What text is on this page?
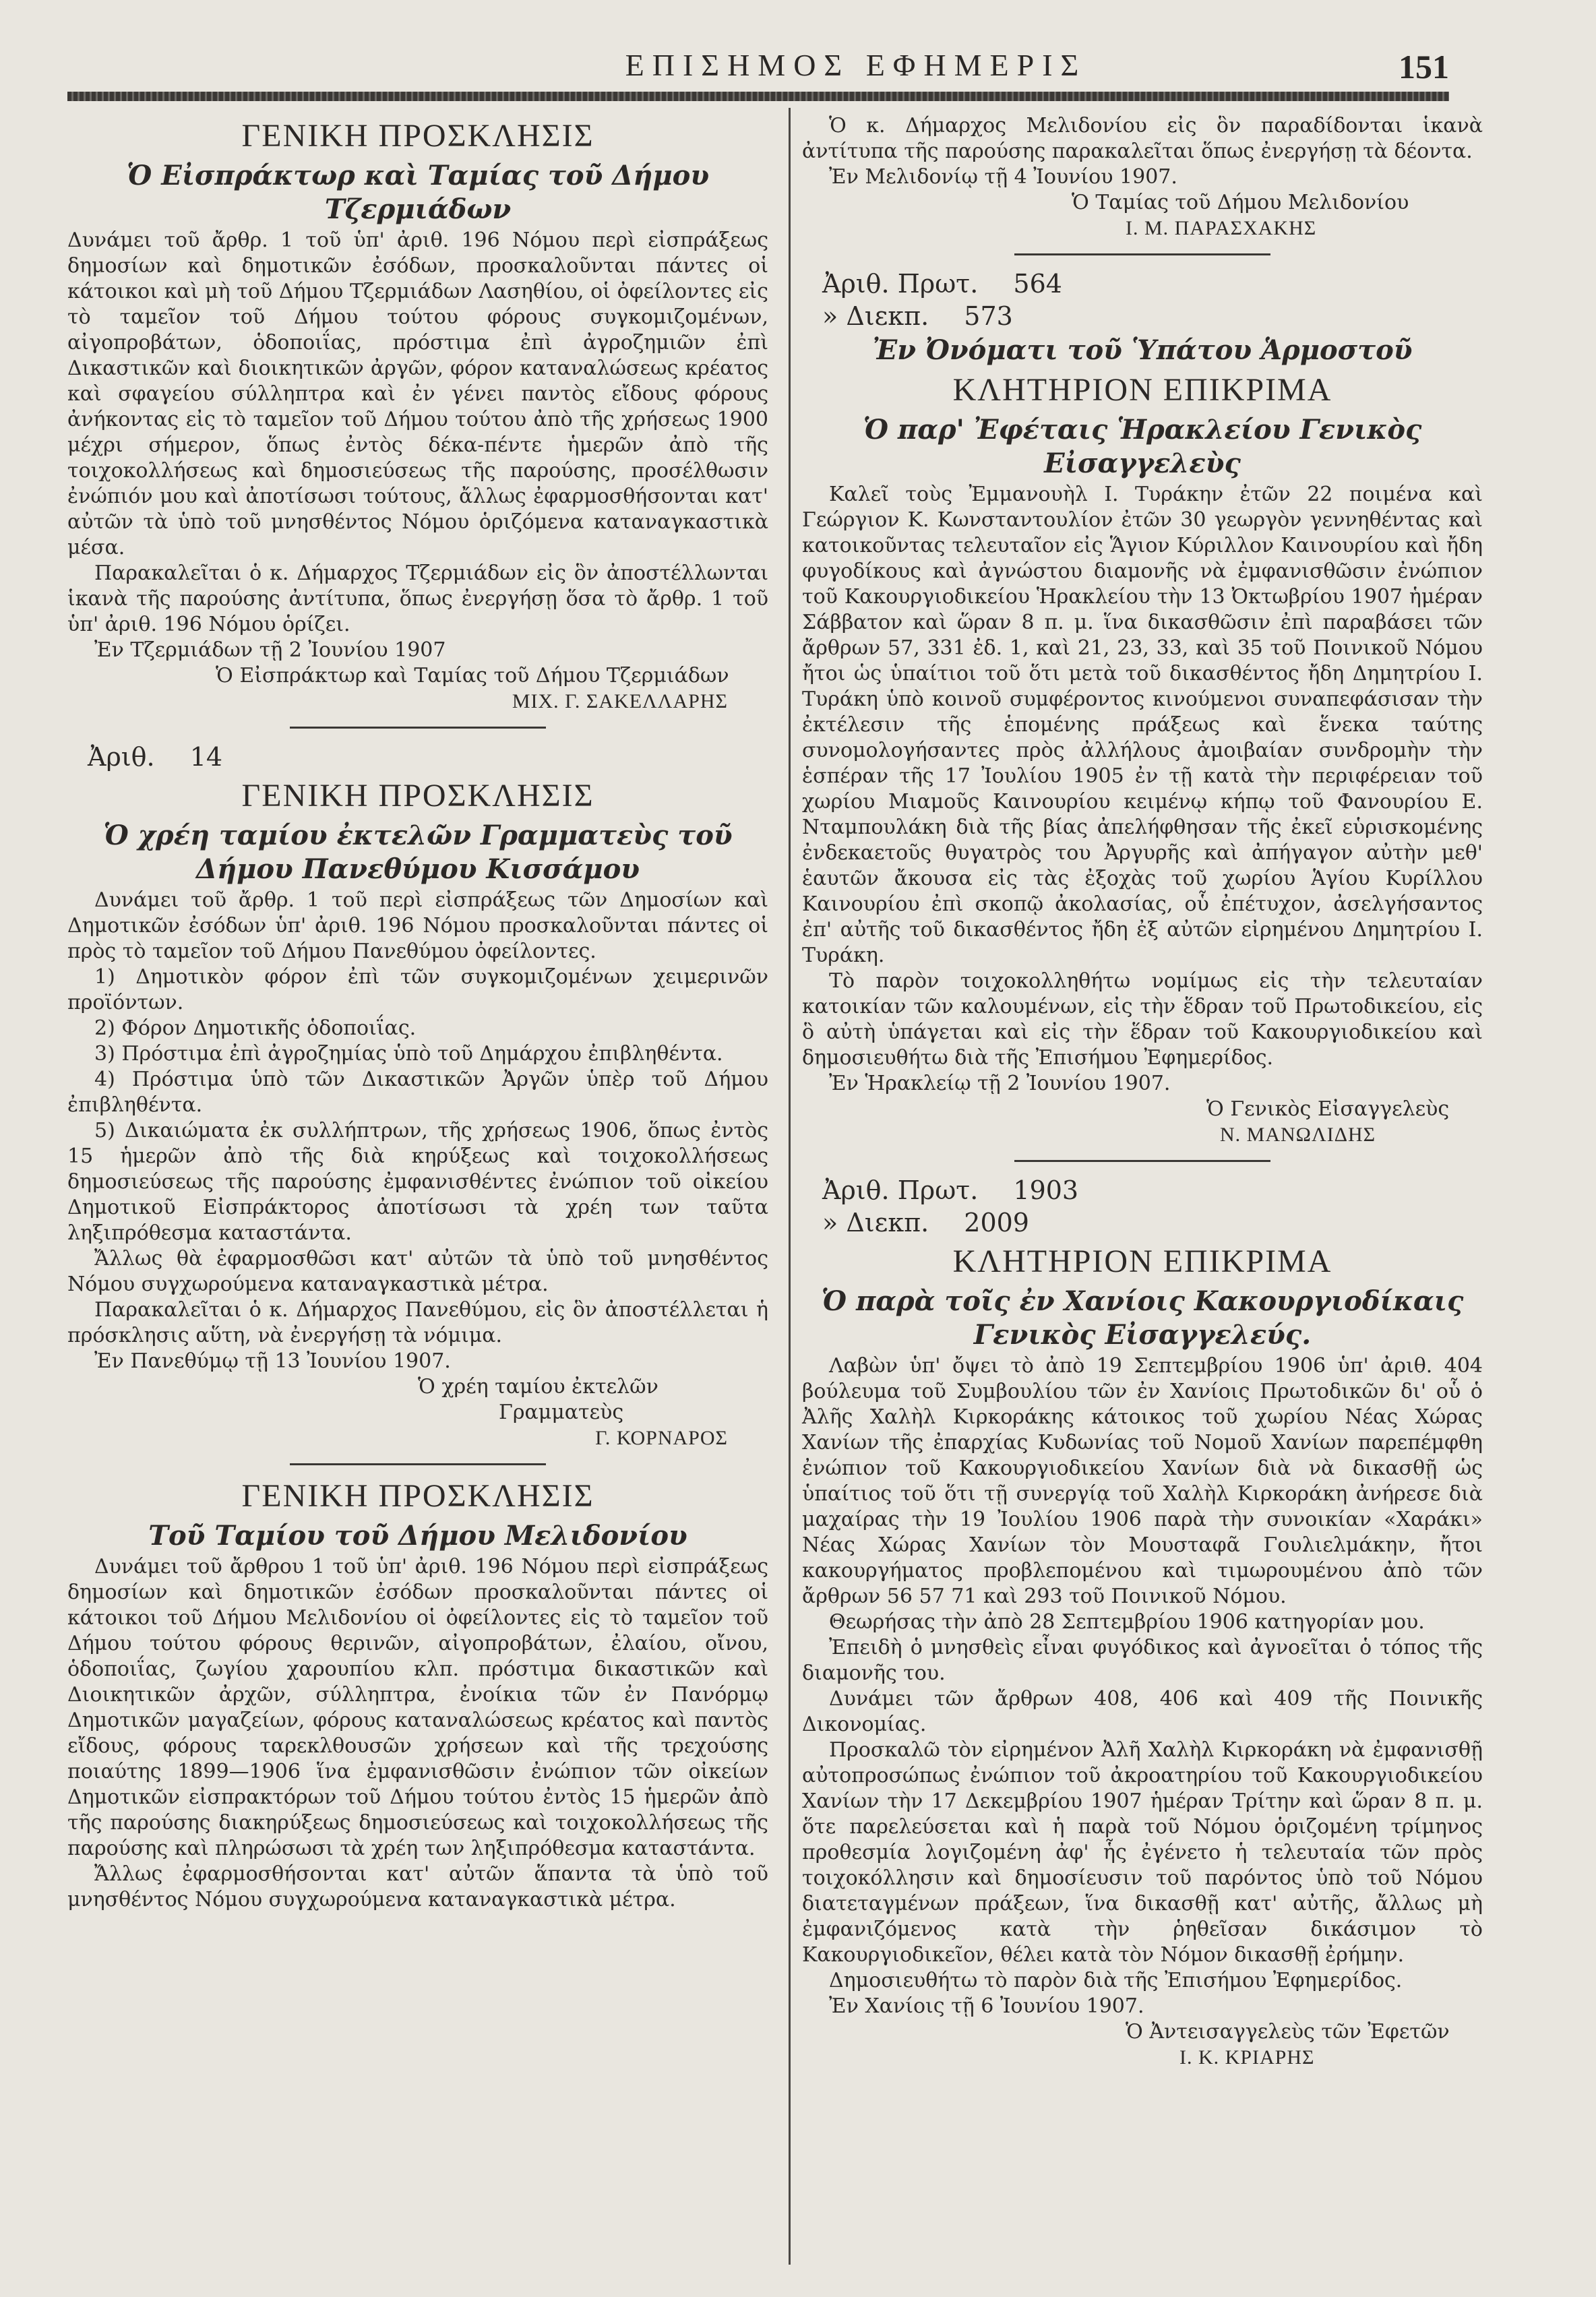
ΕΠΙΣΗΜΟΣ ΕΦΗΜΕΡΙΣ	151
ΓΕΝΙΚΗ ΠΡΟΣΚΛΗΣΙΣ
Ὁ Εἰσπράκτωρ καὶ Ταμίας τοῦ Δήμου Τζερμιάδων

Δυνάμει τοῦ ἄρθρ. 1 τοῦ ὑπ' ἀριθ. 196 Νόμου περὶ εἰσπράξεως δημοσίων καὶ δημοτικῶν ἐσόδων, προσκαλοῦνται πάντες οἱ κάτοικοι καὶ μὴ τοῦ Δήμου Τζερμιάδων Λασηθίου, οἱ ὀφείλοντες εἰς τὸ ταμεῖον τοῦ Δήμου τούτου φόρους συγκομιζομένων, αἰγοπροβάτων, ὁδοποιΐας, πρόστιμα ἐπὶ ἀγροζημιῶν ἐπὶ Δικαστικῶν καὶ διοικητικῶν ἀργῶν, φόρον καταναλώσεως κρέατος καὶ σφαγείου σύλληπτρα καὶ ἐν γένει παντὸς εἴδους φόρους ἀνήκοντας εἰς τὸ ταμεῖον τοῦ Δήμου τούτου ἀπὸ τῆς χρήσεως 1900 μέχρι σήμερον, ὅπως ἐντὸς δέκα-πέντε ἡμερῶν ἀπὸ τῆς τοιχοκολλήσεως καὶ δημοσιεύσεως τῆς παρούσης, προσέλθωσιν ἐνώπιόν μου καὶ ἀποτίσωσι τούτους, ἄλλως ἐφαρμοσθήσονται κατ' αὐτῶν τὰ ὑπὸ τοῦ μνησθέντος Νόμου ὁριζόμενα καταναγκαστικὰ μέσα.

Παρακαλεῖται ὁ κ. Δήμαρχος Τζερμιάδων εἰς ὃν ἀποστέλλωνται ἱκανὰ τῆς παρούσης ἀντίτυπα, ὅπως ἐνεργήσῃ ὅσα τὸ ἄρθρ. 1 τοῦ ὑπ' ἀριθ. 196 Νόμου ὁρίζει.

Ἐν Τζερμιάδων τῇ 2 Ἰουνίου 1907

Ὁ Εἰσπράκτωρ καὶ Ταμίας τοῦ Δήμου Τζερμιάδων

ΜΙΧ. Γ. ΣΑΚΕΛΛΑΡΗΣ

Ἀριθ. 14
ΓΕΝΙΚΗ ΠΡΟΣΚΛΗΣΙΣ
Ὁ χρέη ταμίου ἐκτελῶν Γραμματεὺς τοῦ Δήμου Πανεθύμου Κισσάμου

Δυνάμει τοῦ ἄρθρ. 1 τοῦ περὶ εἰσπράξεως τῶν Δημοσίων καὶ Δημοτικῶν ἐσόδων ὑπ' ἀριθ. 196 Νόμου προσκαλοῦνται πάντες οἱ πρὸς τὸ ταμεῖον τοῦ Δήμου Πανεθύμου ὀφείλοντες.

1) Δημοτικὸν φόρον ἐπὶ τῶν συγκομιζομένων χειμερινῶν προϊόντων.

2) Φόρον Δημοτικῆς ὁδοποιΐας.

3) Πρόστιμα ἐπὶ ἀγροζημίας ὑπὸ τοῦ Δημάρχου ἐπιβληθέντα.

4) Πρόστιμα ὑπὸ τῶν Δικαστικῶν Ἀργῶν ὑπὲρ τοῦ Δήμου ἐπιβληθέντα.

5) Δικαιώματα ἐκ συλλήπτρων, τῆς χρήσεως 1906, ὅπως ἐντὸς 15 ἡμερῶν ἀπὸ τῆς διὰ κηρύξεως καὶ τοιχοκολλήσεως δημοσιεύσεως τῆς παρούσης ἐμφανισθέντες ἐνώπιον τοῦ οἰκείου Δημοτικοῦ Εἰσπράκτορος ἀποτίσωσι τὰ χρέη των ταῦτα ληξιπρόθεσμα καταστάντα.

Ἄλλως θὰ ἐφαρμοσθῶσι κατ' αὐτῶν τὰ ὑπὸ τοῦ μνησθέντος Νόμου συγχωρούμενα καταναγκαστικὰ μέτρα.

Παρακαλεῖται ὁ κ. Δήμαρχος Πανεθύμου, εἰς ὃν ἀποστέλλεται ἡ πρόσκλησις αὕτη, νὰ ἐνεργήσῃ τὰ νόμιμα.

Ἐν Πανεθύμῳ τῇ 13 Ἰουνίου 1907.

Ὁ χρέη ταμίου ἐκτελῶν

Γραμματεὺς

Γ. ΚΟΡΝΑΡΟΣ

ΓΕΝΙΚΗ ΠΡΟΣΚΛΗΣΙΣ
Τοῦ Ταμίου τοῦ Δήμου Μελιδονίου

Δυνάμει τοῦ ἄρθρου 1 τοῦ ὑπ' ἀριθ. 196 Νόμου περὶ εἰσπράξεως δημοσίων καὶ δημοτικῶν ἐσόδων προσκαλοῦνται πάντες οἱ κάτοικοι τοῦ Δήμου Μελιδονίου οἱ ὀφείλοντες εἰς τὸ ταμεῖον τοῦ Δήμου τούτου φόρους θερινῶν, αἰγοπροβάτων, ἐλαίου, οἴνου, ὁδοποιΐας, ζωγίου χαρουπίου κλπ. πρόστιμα δικαστικῶν καὶ Διοικητικῶν ἀρχῶν, σύλληπτρα, ἐνοίκια τῶν ἐν Πανόρμῳ Δημοτικῶν μαγαζείων, φόρους καταναλώσεως κρέατος καὶ παντὸς εἴδους, φόρους ταρεκλθουσῶν χρήσεων καὶ τῆς τρεχούσης ποιαύτης 1899—1906 ἵνα ἐμφανισθῶσιν ἐνώπιον τῶν οἰκείων Δημοτικῶν εἰσπρακτόρων τοῦ Δήμου τούτου ἐντὸς 15 ἡμερῶν ἀπὸ τῆς παρούσης διακηρύξεως δημοσιεύσεως καὶ τοιχοκολλήσεως τῆς παρούσης καὶ πληρώσωσι τὰ χρέη των ληξιπρόθεσμα καταστάντα.

Ἄλλως ἐφαρμοσθήσονται κατ' αὐτῶν ἅπαντα τὰ ὑπὸ τοῦ μνησθέντος Νόμου συγχωρούμενα καταναγκαστικὰ μέτρα.

Ὁ κ. Δήμαρχος Μελιδονίου εἰς ὃν παραδίδονται ἱκανὰ ἀντίτυπα τῆς παρούσης παρακαλεῖται ὅπως ἐνεργήσῃ τὰ δέοντα.

Ἐν Μελιδονίῳ τῇ 4 Ἰουνίου 1907.

Ὁ Ταμίας τοῦ Δήμου Μελιδονίου

Ι. Μ. ΠΑΡΑΣΧΑΚΗΣ

Ἀριθ. Πρωτ. 564
» Διεκπ. 573
Ἐν Ὀνόματι τοῦ Ὑπάτου Ἁρμοστοῦ
ΚΛΗΤΗΡΙΟΝ ΕΠΙΚΡΙΜΑ
Ὁ παρ' Ἐφέταις Ἡρακλείου Γενικὸς Εἰσαγγελεὺς

Καλεῖ τοὺς Ἐμμανουὴλ Ι. Τυράκην ἐτῶν 22 ποιμένα καὶ Γεώργιον Κ. Κωνσταντουλίον ἐτῶν 30 γεωργὸν γεννηθέντας καὶ κατοικοῦντας τελευταῖον εἰς Ἅγιον Κύριλλον Καινουρίου καὶ ἤδη φυγοδίκους καὶ ἀγνώστου διαμονῆς νὰ ἐμφανισθῶσιν ἐνώπιον τοῦ Κακουργιοδικείου Ἡρακλείου τὴν 13 Ὀκτωβρίου 1907 ἡμέραν Σάββατον καὶ ὥραν 8 π. μ. ἵνα δικασθῶσιν ἐπὶ παραβάσει τῶν ἄρθρων 57, 331 ἐδ. 1, καὶ 21, 23, 33, καὶ 35 τοῦ Ποινικοῦ Νόμου ἤτοι ὡς ὑπαίτιοι τοῦ ὅτι μετὰ τοῦ δικασθέντος ἤδη Δημητρίου Ι. Τυράκη ὑπὸ κοινοῦ συμφέροντος κινούμενοι συναπεφάσισαν τὴν ἐκτέλεσιν τῆς ἑπομένης πράξεως καὶ ἕνεκα ταύτης συνομολογήσαντες πρὸς ἀλλήλους ἀμοιβαίαν συνδρομὴν τὴν ἑσπέραν τῆς 17 Ἰουλίου 1905 ἐν τῇ κατὰ τὴν περιφέρειαν τοῦ χωρίου Μιαμοῦς Καινουρίου κειμένῳ κήπῳ τοῦ Φανουρίου Ε. Νταμπουλάκη διὰ τῆς βίας ἀπελήφθησαν τῆς ἐκεῖ εὑρισκομένης ἐνδεκαετοῦς θυγατρὸς του Ἀργυρῆς καὶ ἀπήγαγον αὐτὴν μεθ' ἑαυτῶν ἄκουσα εἰς τὰς ἐξοχὰς τοῦ χωρίου Ἁγίου Κυρίλλου Καινουρίου ἐπὶ σκοπῷ ἀκολασίας, οὗ ἐπέτυχον, ἀσελγήσαντος ἐπ' αὐτῆς τοῦ δικασθέντος ἤδη ἐξ αὐτῶν εἰρημένου Δημητρίου Ι. Τυράκη.

Τὸ παρὸν τοιχοκολληθήτω νομίμως εἰς τὴν τελευταίαν κατοικίαν τῶν καλουμένων, εἰς τὴν ἕδραν τοῦ Πρωτοδικείου, εἰς ὃ αὐτὴ ὑπάγεται καὶ εἰς τὴν ἕδραν τοῦ Κακουργιοδικείου καὶ δημοσιευθήτω διὰ τῆς Ἐπισήμου Ἐφημερίδος.

Ἐν Ἡρακλείῳ τῇ 2 Ἰουνίου 1907.

Ὁ Γενικὸς Εἰσαγγελεὺς

Ν. ΜΑΝΩΛΙΔΗΣ

Ἀριθ. Πρωτ. 1903
» Διεκπ. 2009
ΚΛΗΤΗΡΙΟΝ ΕΠΙΚΡΙΜΑ
Ὁ παρὰ τοῖς ἐν Χανίοις Κακουργιοδίκαις Γενικὸς Εἰσαγγελεύς.

Λαβὼν ὑπ' ὄψει τὸ ἀπὸ 19 Σεπτεμβρίου 1906 ὑπ' ἀριθ. 404 βούλευμα τοῦ Συμβουλίου τῶν ἐν Χανίοις Πρωτοδικῶν δι' οὗ ὁ Ἀλῆς Χαλὴλ Κιρκοράκης κάτοικος τοῦ χωρίου Νέας Χώρας Χανίων τῆς ἐπαρχίας Κυδωνίας τοῦ Νομοῦ Χανίων παρεπέμφθη ἐνώπιον τοῦ Κακουργιοδικείου Χανίων διὰ νὰ δικασθῇ ὡς ὑπαίτιος τοῦ ὅτι τῇ συνεργίᾳ τοῦ Χαλὴλ Κιρκοράκη ἀνήρεσε διὰ μαχαίρας τὴν 19 Ἰουλίου 1906 παρὰ τὴν συνοικίαν «Χαράκι» Νέας Χώρας Χανίων τὸν Μουσταφᾶ Γουλιελμάκην, ἤτοι κακουργήματος προβλεπομένου καὶ τιμωρουμένου ἀπὸ τῶν ἄρθρων 56 57 71 καὶ 293 τοῦ Ποινικοῦ Νόμου.

Θεωρήσας τὴν ἀπὸ 28 Σεπτεμβρίου 1906 κατηγορίαν μου.

Ἐπειδὴ ὁ μνησθεὶς εἶναι φυγόδικος καὶ ἀγνοεῖται ὁ τόπος τῆς διαμονῆς του.

Δυνάμει τῶν ἄρθρων 408, 406 καὶ 409 τῆς Ποινικῆς Δικονομίας.

Προσκαλῶ τὸν εἰρημένον Ἀλῆ Χαλὴλ Κιρκοράκη νὰ ἐμφανισθῇ αὐτοπροσώπως ἐνώπιον τοῦ ἀκροατηρίου τοῦ Κακουργιοδικείου Χανίων τὴν 17 Δεκεμβρίου 1907 ἡμέραν Τρίτην καὶ ὥραν 8 π. μ. ὅτε παρελεύσεται καὶ ἡ παρὰ τοῦ Νόμου ὁριζομένη τρίμηνος προθεσμία λογιζομένη ἀφ' ἧς ἐγένετο ἡ τελευταία τῶν πρὸς τοιχοκόλλησιν καὶ δημοσίευσιν τοῦ παρόντος ὑπὸ τοῦ Νόμου διατεταγμένων πράξεων, ἵνα δικασθῇ κατ' αὐτῆς, ἄλλως μὴ ἐμφανιζόμενος κατὰ τὴν ῥηθεῖσαν δικάσιμον τὸ Κακουργιοδικεῖον, θέλει κατὰ τὸν Νόμον δικασθῇ ἐρήμην.

Δημοσιευθήτω τὸ παρὸν διὰ τῆς Ἐπισήμου Ἐφημερίδος.

Ἐν Χανίοις τῇ 6 Ἰουνίου 1907.

Ὁ Ἀντεισαγγελεὺς τῶν Ἐφετῶν

Ι. Κ. ΚΡΙΑΡΗΣ
